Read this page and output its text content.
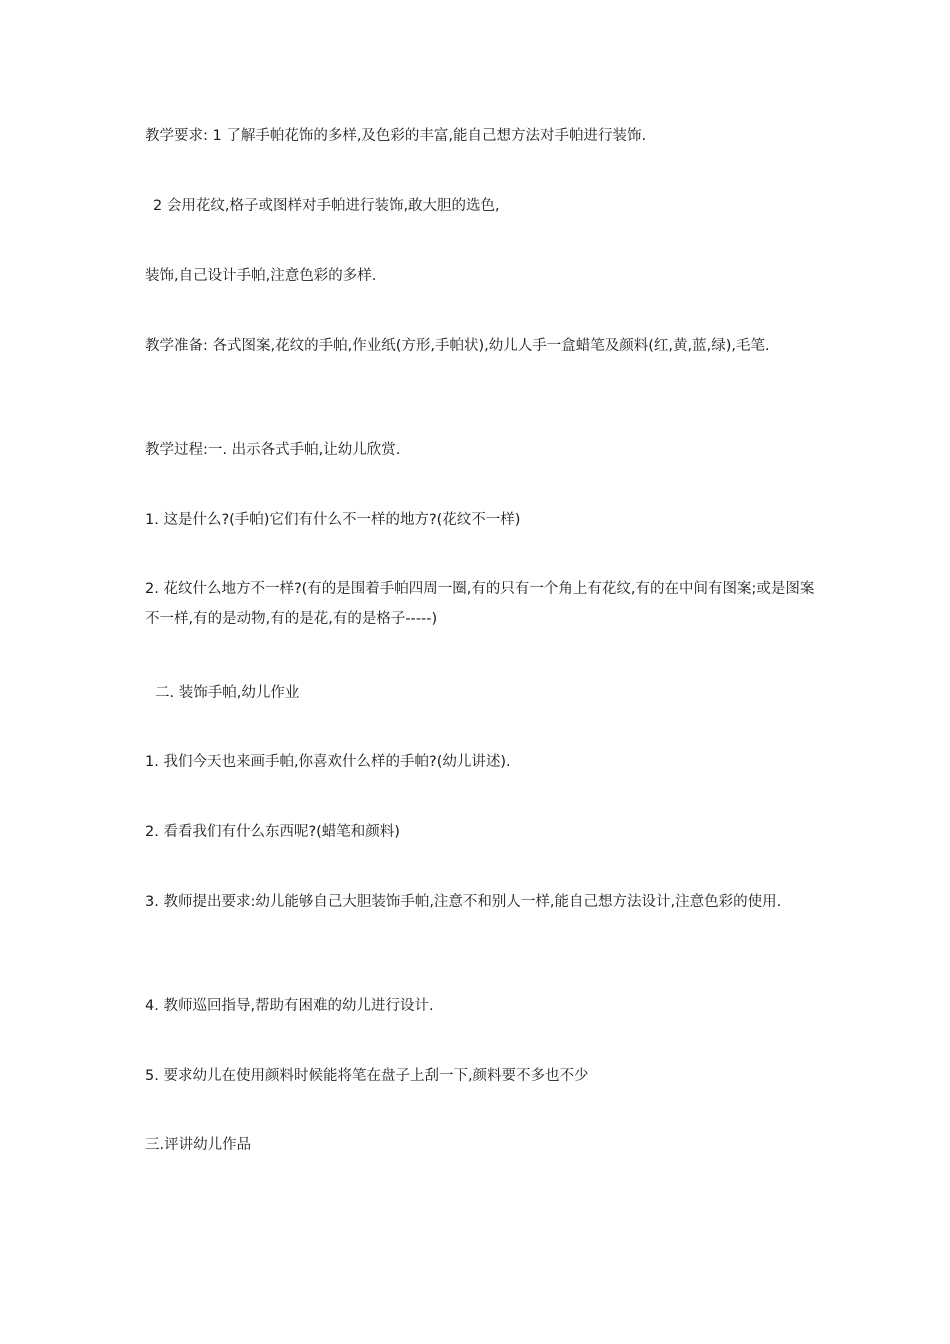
教学要求: 1 了解手帕花饰的多样,及色彩的丰富,能自己想方法对手帕进行装饰.

2 会用花纹,格子或图样对手帕进行装饰,敢大胆的选色,

装饰,自己设计手帕,注意色彩的多样.

教学准备: 各式图案,花纹的手帕,作业纸(方形,手帕状),幼儿人手一盒蜡笔及颜料(红,黄,蓝,绿),毛笔.

教学过程:一. 出示各式手帕,让幼儿欣赏.

1. 这是什么?(手帕)它们有什么不一样的地方?(花纹不一样)

2. 花纹什么地方不一样?(有的是围着手帕四周一圈,有的只有一个角上有花纹,有的在中间有图案;或是图案不一样,有的是动物,有的是花,有的是格子-----)

二. 装饰手帕,幼儿作业

1. 我们今天也来画手帕,你喜欢什么样的手帕?(幼儿讲述).

2. 看看我们有什么东西呢?(蜡笔和颜料)

3. 教师提出要求:幼儿能够自己大胆装饰手帕,注意不和别人一样,能自己想方法设计,注意色彩的使用.

4. 教师巡回指导,帮助有困难的幼儿进行设计.

5. 要求幼儿在使用颜料时候能将笔在盘子上刮一下,颜料要不多也不少

三.评讲幼儿作品
